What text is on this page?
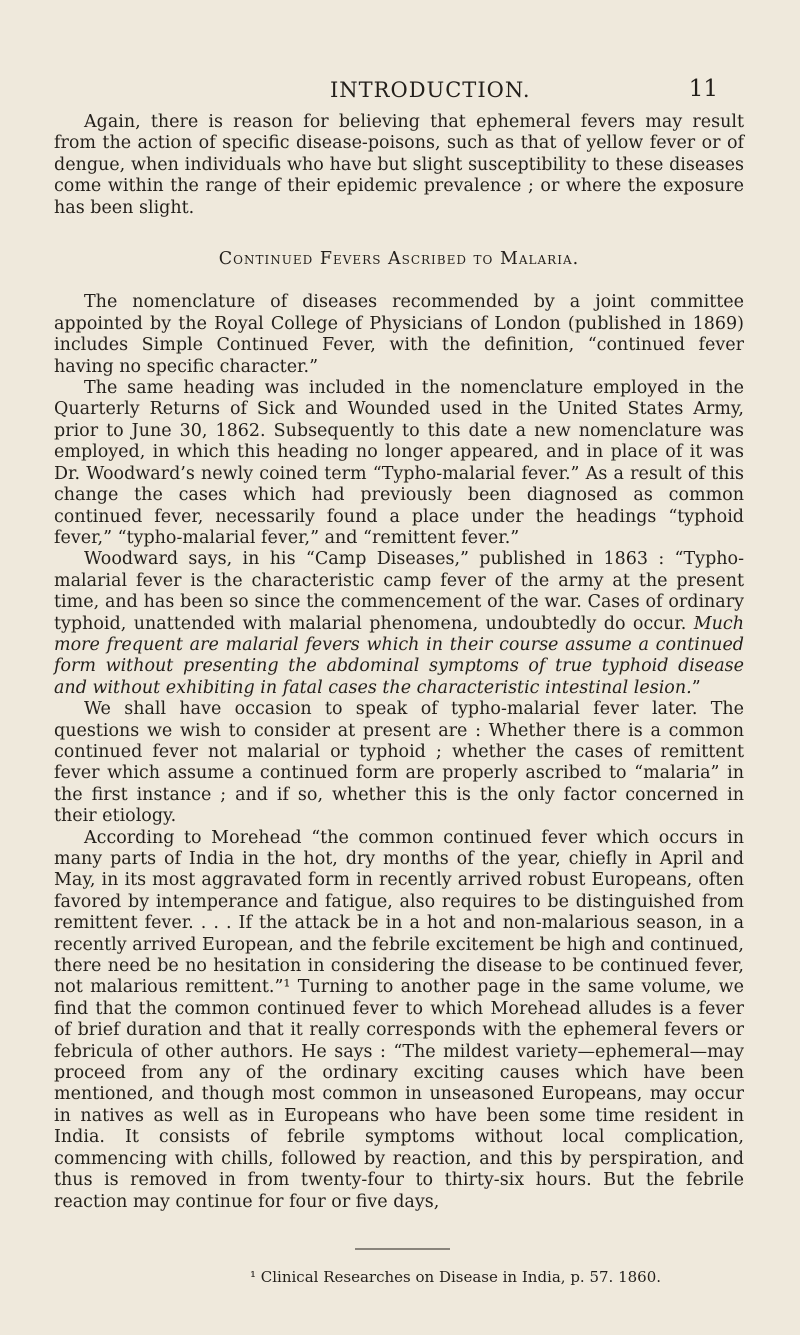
INTRODUCTION.	11

Again, there is reason for believing that ephemeral fevers may result from the action of specific disease-poisons, such as that of yellow fever or of dengue, when individuals who have but slight susceptibility to these diseases come within the range of their epidemic prevalence ; or where the exposure has been slight.

Continued Fevers Ascribed to Malaria.

The nomenclature of diseases recommended by a joint committee appointed by the Royal College of Physicians of London (published in 1869) includes Simple Continued Fever, with the definition, “continued fever having no specific character.”

The same heading was included in the nomenclature employed in the Quarterly Returns of Sick and Wounded used in the United States Army, prior to June 30, 1862. Subsequently to this date a new nomenclature was employed, in which this heading no longer appeared, and in place of it was Dr. Woodward’s newly coined term “Typho-malarial fever.” As a result of this change the cases which had previously been diagnosed as common continued fever, necessarily found a place under the headings “typhoid fever,” “typho-malarial fever,” and “remittent fever.”

Woodward says, in his “Camp Diseases,” published in 1863 : “Typho-malarial fever is the characteristic camp fever of the army at the present time, and has been so since the commencement of the war. Cases of ordinary typhoid, unattended with malarial phenomena, undoubtedly do occur. Much more frequent are malarial fevers which in their course assume a continued form without presenting the abdominal symptoms of true typhoid disease and without exhibiting in fatal cases the characteristic intestinal lesion.”

We shall have occasion to speak of typho-malarial fever later. The questions we wish to consider at present are : Whether there is a common continued fever not malarial or typhoid ; whether the cases of remittent fever which assume a continued form are properly ascribed to “malaria” in the first instance ; and if so, whether this is the only factor concerned in their etiology.

According to Morehead “the common continued fever which occurs in many parts of India in the hot, dry months of the year, chiefly in April and May, in its most aggravated form in recently arrived robust Europeans, often favored by intemperance and fatigue, also requires to be distinguished from remittent fever. . . . If the attack be in a hot and non-malarious season, in a recently arrived European, and the febrile excitement be high and continued, there need be no hesitation in considering the disease to be continued fever, not malarious remittent.”¹ Turning to another page in the same volume, we find that the common continued fever to which Morehead alludes is a fever of brief duration and that it really corresponds with the ephemeral fevers or febricula of other authors. He says : “The mildest variety—ephemeral—may proceed from any of the ordinary exciting causes which have been mentioned, and though most common in unseasoned Europeans, may occur in natives as well as in Europeans who have been some time resident in India. It consists of febrile symptoms without local complication, commencing with chills, followed by reaction, and this by perspiration, and thus is removed in from twenty-four to thirty-six hours. But the febrile reaction may continue for four or five days,

¹ Clinical Researches on Disease in India, p. 57. 1860.
